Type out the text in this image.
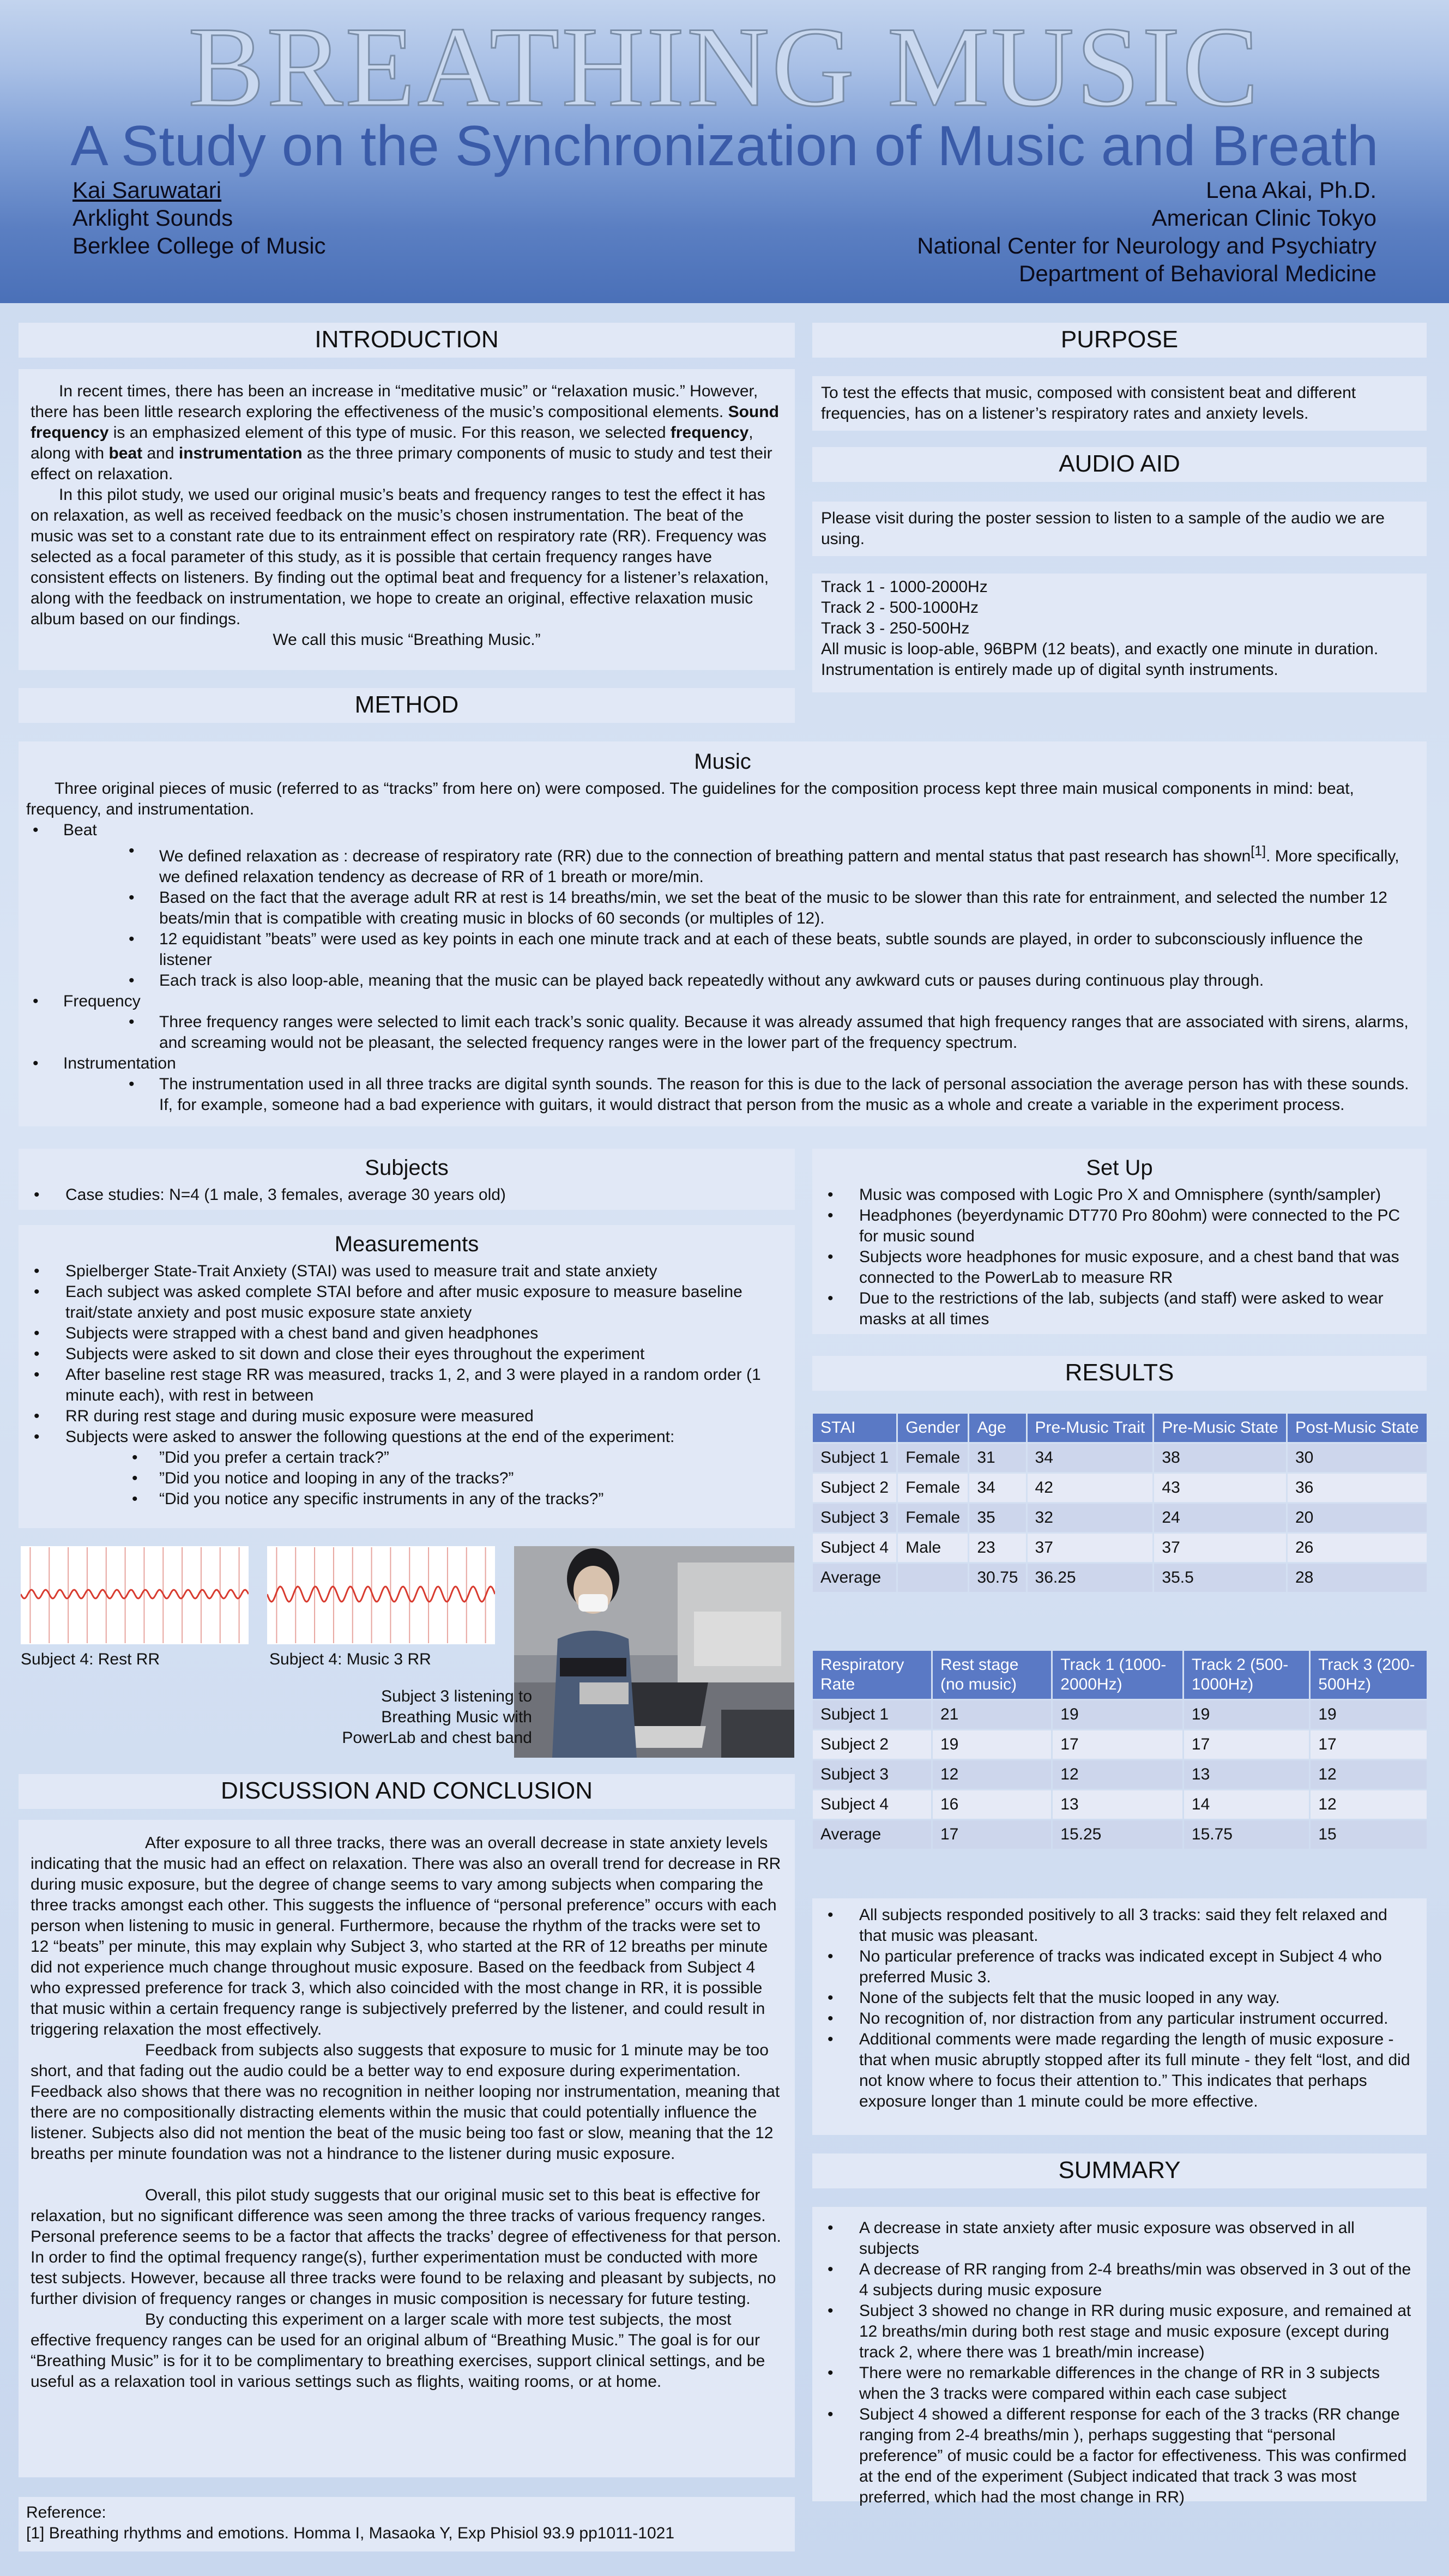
BREATHING MUSIC
A Study on the Synchronization of Music and Breath
Kai Saruwatari
Arklight Sounds
Berklee College of Music
Lena Akai, Ph.D.
American Clinic Tokyo
National Center for Neurology and Psychiatry
Department of Behavioral Medicine
INTRODUCTION

In recent times, there has been an increase in “meditative music” or “relaxation music.” However, there has been little research exploring the effectiveness of the music’s compositional elements. Sound frequency is an emphasized element of this type of music. For this reason, we selected frequency, along with beat and instrumentation as the three primary components of music to study and test their effect on relaxation.

In this pilot study, we used our original music’s beats and frequency ranges to test the effect it has on relaxation, as well as received feedback on the music’s chosen instrumentation. The beat of the music was set to a constant rate due to its entrainment effect on respiratory rate (RR). Frequency was selected as a focal parameter of this study, as it is possible that certain frequency ranges have consistent effects on listeners. By finding out the optimal beat and frequency for a listener’s relaxation, along with the feedback on instrumentation, we hope to create an original, effective relaxation music album based on our findings.

We call this music “Breathing Music.”

METHOD
PURPOSE

To test the effects that music, composed with consistent beat and different frequencies, has on a listener’s respiratory rates and anxiety levels.

AUDIO AID

Please visit during the poster session to listen to a sample of the audio we are using.

Track 1 - 1000-2000Hz
Track 2 - 500-1000Hz
Track 3 - 250-500Hz
All music is loop-able, 96BPM (12 beats), and exactly one minute in duration.
Instrumentation is entirely made up of digital synth instruments.
Music

Three original pieces of music (referred to as “tracks” from here on) were composed. The guidelines for the composition process kept three main musical components in mind: beat, frequency, and instrumentation.

• Beat
• We defined relaxation as : decrease of respiratory rate (RR) due to the connection of breathing pattern and mental status that past research has shown[1]. More specifically, we defined relaxation tendency as decrease of RR of 1 breath or more/min.
• Based on the fact that the average adult RR at rest is 14 breaths/min, we set the beat of the music to be slower than this rate for entrainment, and selected the number 12 beats/min that is compatible with creating music in blocks of 60 seconds (or multiples of 12).
• 12 equidistant ”beats” were used as key points in each one minute track and at each of these beats, subtle sounds are played, in order to subconsciously influence the listener
• Each track is also loop-able, meaning that the music can be played back repeatedly without any awkward cuts or pauses during continuous play through.
• Frequency
• Three frequency ranges were selected to limit each track’s sonic quality. Because it was already assumed that high frequency ranges that are associated with sirens, alarms, and screaming would not be pleasant, the selected frequency ranges were in the lower part of the frequency spectrum.
• Instrumentation
• The instrumentation used in all three tracks are digital synth sounds. The reason for this is due to the lack of personal association the average person has with these sounds. If, for example, someone had a bad experience with guitars, it would distract that person from the music as a whole and create a variable in the experiment process.
Subjects
• Case studies: N=4 (1 male, 3 females, average 30 years old)
Measurements
• Spielberger State-Trait Anxiety (STAI) was used to measure trait and state anxiety
• Each subject was asked complete STAI before and after music exposure to measure baseline trait/state anxiety and post music exposure state anxiety
• Subjects were strapped with a chest band and given headphones
• Subjects were asked to sit down and close their eyes throughout the experiment
• After baseline rest stage RR was measured, tracks 1, 2, and 3 were played in a random order (1 minute each), with rest in between
• RR during rest stage and during music exposure were measured
• Subjects were asked to answer the following questions at the end of the experiment:
• ”Did you prefer a certain track?”
• ”Did you notice and looping in any of the tracks?”
• “Did you notice any specific instruments in any of the tracks?”
Subject 4: Rest RR	Subject 4: Music 3 RR
Subject 3 listening to
Breathing Music with
PowerLab and chest band
DISCUSSION AND CONCLUSION

After exposure to all three tracks, there was an overall decrease in state anxiety levels indicating that the music had an effect on relaxation. There was also an overall trend for decrease in RR during music exposure, but the degree of change seems to vary among subjects when comparing the three tracks amongst each other. This suggests the influence of “personal preference” occurs with each person when listening to music in general. Furthermore, because the rhythm of the tracks were set to 12 “beats” per minute, this may explain why Subject 3, who started at the RR of 12 breaths per minute did not experience much change throughout music exposure. Based on the feedback from Subject 4 who expressed preference for track 3, which also coincided with the most change in RR, it is possible that music within a certain frequency range is subjectively preferred by the listener, and could result in triggering relaxation the most effectively.

Feedback from subjects also suggests that exposure to music for 1 minute may be too short, and that fading out the audio could be a better way to end exposure during experimentation. Feedback also shows that there was no recognition in neither looping nor instrumentation, meaning that there are no compositionally distracting elements within the music that could potentially influence the listener. Subjects also did not mention the beat of the music being too fast or slow, meaning that the 12 breaths per minute foundation was not a hindrance to the listener during music exposure.

Overall, this pilot study suggests that our original music set to this beat is effective for relaxation, but no significant difference was seen among the three tracks of various frequency ranges. Personal preference seems to be a factor that affects the tracks’ degree of effectiveness for that person. In order to find the optimal frequency range(s), further experimentation must be conducted with more test subjects. However, because all three tracks were found to be relaxing and pleasant by subjects, no further division of frequency ranges or changes in music composition is necessary for future testing.

By conducting this experiment on a larger scale with more test subjects, the most effective frequency ranges can be used for an original album of “Breathing Music.” The goal is for our “Breathing Music” is for it to be complimentary to breathing exercises, support clinical settings, and be useful as a relaxation tool in various settings such as flights, waiting rooms, or at home.

Reference:
[1] Breathing rhythms and emotions. Homma I, Masaoka Y, Exp Phisiol 93.9 pp1011-1021
Set Up
• Music was composed with Logic Pro X and Omnisphere (synth/sampler)
• Headphones (beyerdynamic DT770 Pro 80ohm) were connected to the PC for music sound
• Subjects wore headphones for music exposure, and a chest band that was connected to the PowerLab to measure RR
• Due to the restrictions of the lab, subjects (and staff) were asked to wear masks at all times
RESULTS
STAI	Gender	Age	Pre-Music Trait	Pre-Music State	Post-Music State
Subject 1	Female	31	34	38	30
Subject 2	Female	34	42	43	36
Subject 3	Female	35	32	24	20
Subject 4	Male	23	37	37	26
Average		30.75	36.25	35.5	28
Respiratory Rate	Rest stage (no music)	Track 1 (1000-2000Hz)	Track 2 (500-1000Hz)	Track 3 (200-500Hz)
Subject 1	21	19	19	19
Subject 2	19	17	17	17
Subject 3	12	12	13	12
Subject 4	16	13	14	12
Average	17	15.25	15.75	15
• All subjects responded positively to all 3 tracks: said they felt relaxed and that music was pleasant.
• No particular preference of tracks was indicated except in Subject 4 who preferred Music 3.
• None of the subjects felt that the music looped in any way.
• No recognition of, nor distraction from any particular instrument occurred.
• Additional comments were made regarding the length of music exposure - that when music abruptly stopped after its full minute - they felt “lost, and did not know where to focus their attention to.” This indicates that perhaps exposure longer than 1 minute could be more effective.
SUMMARY
• A decrease in state anxiety after music exposure was observed in all subjects
• A decrease of RR ranging from 2-4 breaths/min was observed in 3 out of the 4 subjects during music exposure
• Subject 3 showed no change in RR during music exposure, and remained at 12 breaths/min during both rest stage and music exposure (except during track 2, where there was 1 breath/min increase)
• There were no remarkable differences in the change of RR in 3 subjects when the 3 tracks were compared within each case subject
• Subject 4 showed a different response for each of the 3 tracks (RR change ranging from 2-4 breaths/min ), perhaps suggesting that “personal preference” of music could be a factor for effectiveness. This was confirmed at the end of the experiment (Subject indicated that track 3 was most preferred, which had the most change in RR)
